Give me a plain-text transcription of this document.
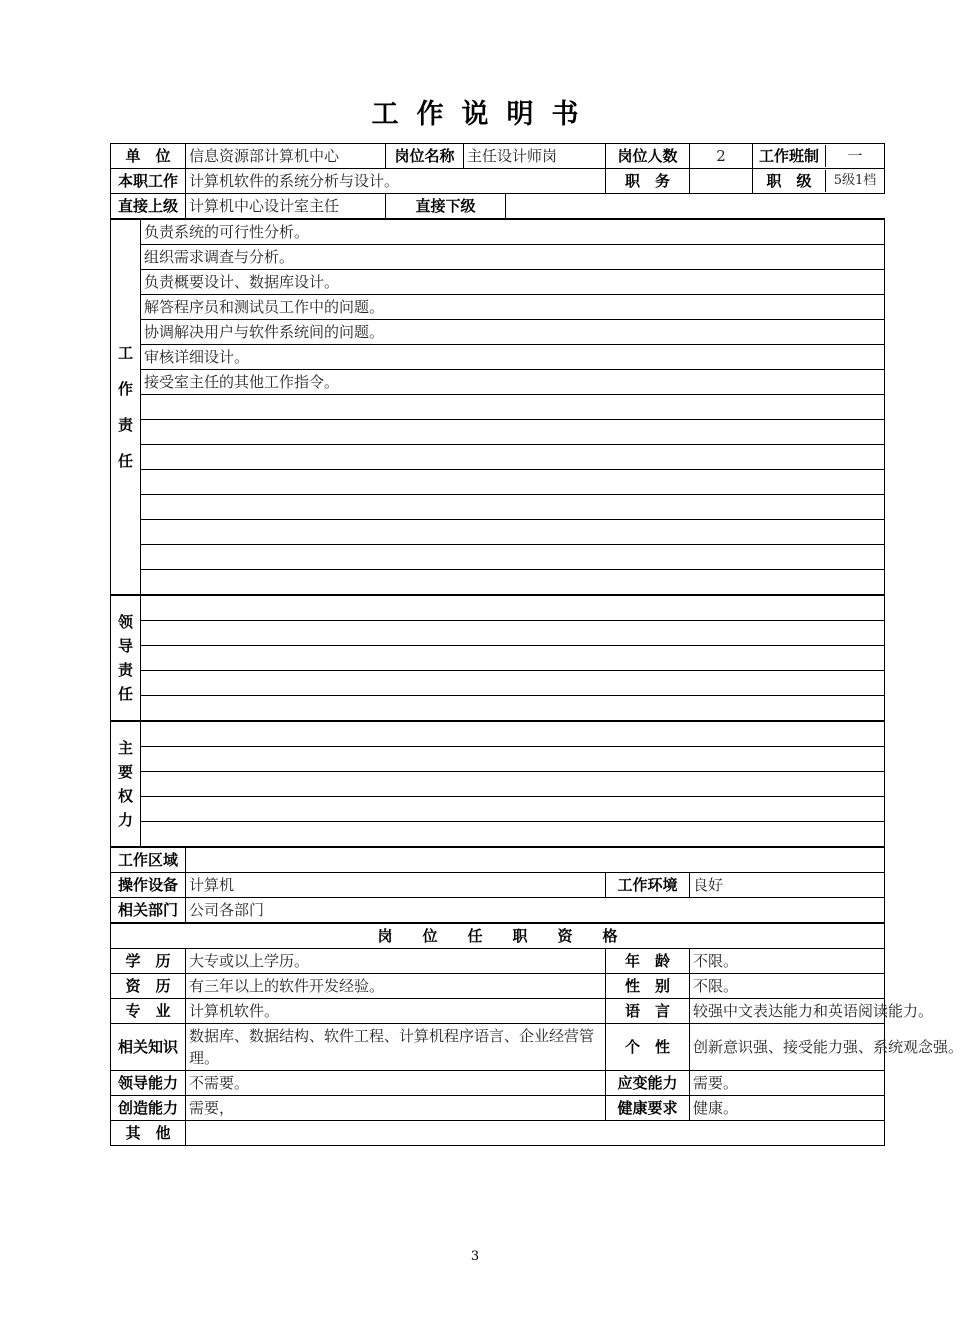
工 作 说 明 书
单　位		信息资源部计算机中心	岗位名称	主任设计师岗		岗位人数	2	工作班制 一

本职工作		计算机软件的系统分析与设计。				职　务		职　级 5级1档

直接上级		计算机中心设计室主任	直接下级					

工
作
责
任	负责系统的可行性分析。							
	组织需求调查与分析。							
	负责概要设计、数据库设计。							
	解答程序员和测试员工作中的问题。							
	协调解决用户与软件系统间的问题。							
	审核详细设计。							
	接受室主任的其他工作指令。							

领
导
责
任								

主
要
权
力								

工作区域								
操作设备		计算机				工作环境	良好	
相关部门		公司各部门						
岗 位 任 职 资 格								
学　历		大专或以上学历。				年　龄	不限。	
资　历		有三年以上的软件开发经验。				性　别	不限。	
专　业		计算机软件。				语　言	较强中文表达能力和英语阅读能力。	
相关知识		数据库、数据结构、软件工程、计算机程序语言、企业经营管理。				个　性	创新意识强、接受能力强、系统观念强。	
领导能力		不需要。				应变能力	需要。	
创造能力		需要，				健康要求	健康。	
其　他								
3
